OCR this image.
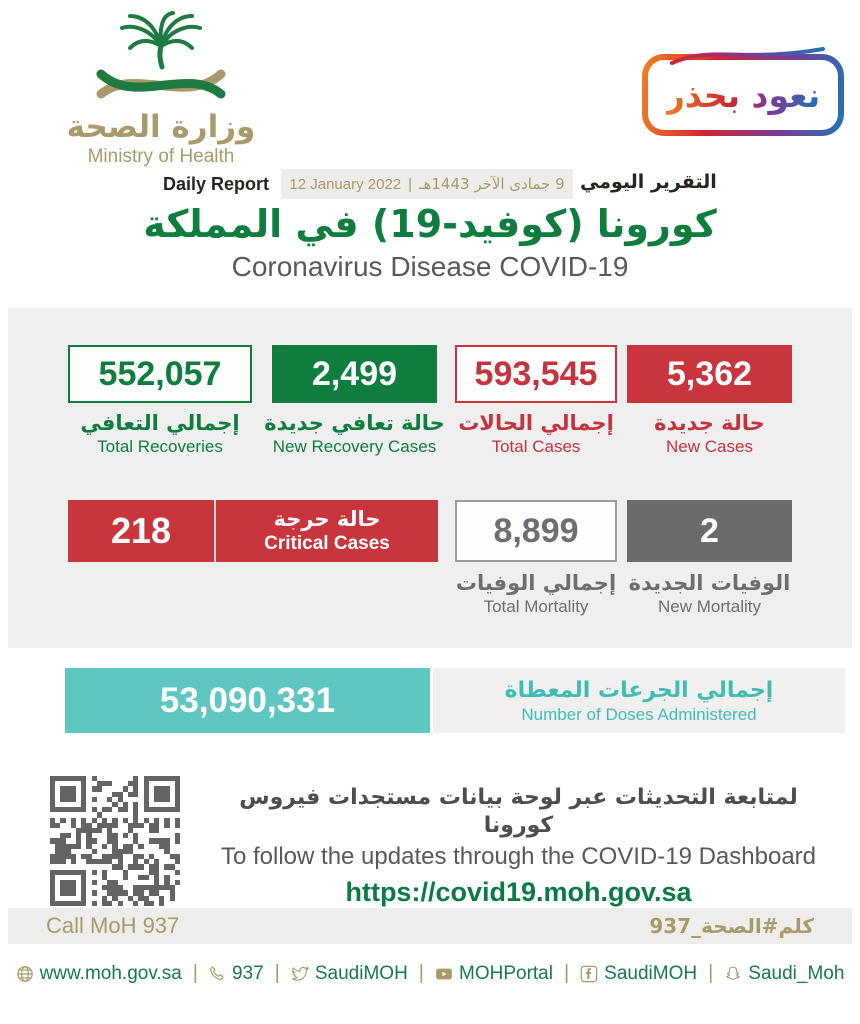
وزارة الصحة
Ministry of Health
نعود بحذر
Daily Report 12 January 2022 | 9 جمادى الآخر 1443هـ التقرير اليومي
كورونا (كوفيد-19) في المملكة
Coronavirus Disease COVID-19
552,057
إجمالي التعافي
Total Recoveries
2,499
حالة تعافي جديدة
New Recovery Cases
593,545
إجمالي الحالات
Total Cases
5,362
حالة جديدة
New Cases
218	حالة حرجة
Critical Cases	8,899
إجمالي الوفيات
Total Mortality
2
الوفيات الجديدة
New Mortality
53,090,331	إجمالي الجرعات المعطاة
Number of Doses Administered
لمتابعة التحديثات عبر لوحة بيانات مستجدات فيروس كورونا
To follow the updates through the COVID-19 Dashboard
https://covid19.moh.gov.sa
Call MoH 937	كلم#الصحة_937
www.moh.gov.sa | 937 | SaudiMOH | MOHPortal | SaudiMOH | Saudi_Moh
